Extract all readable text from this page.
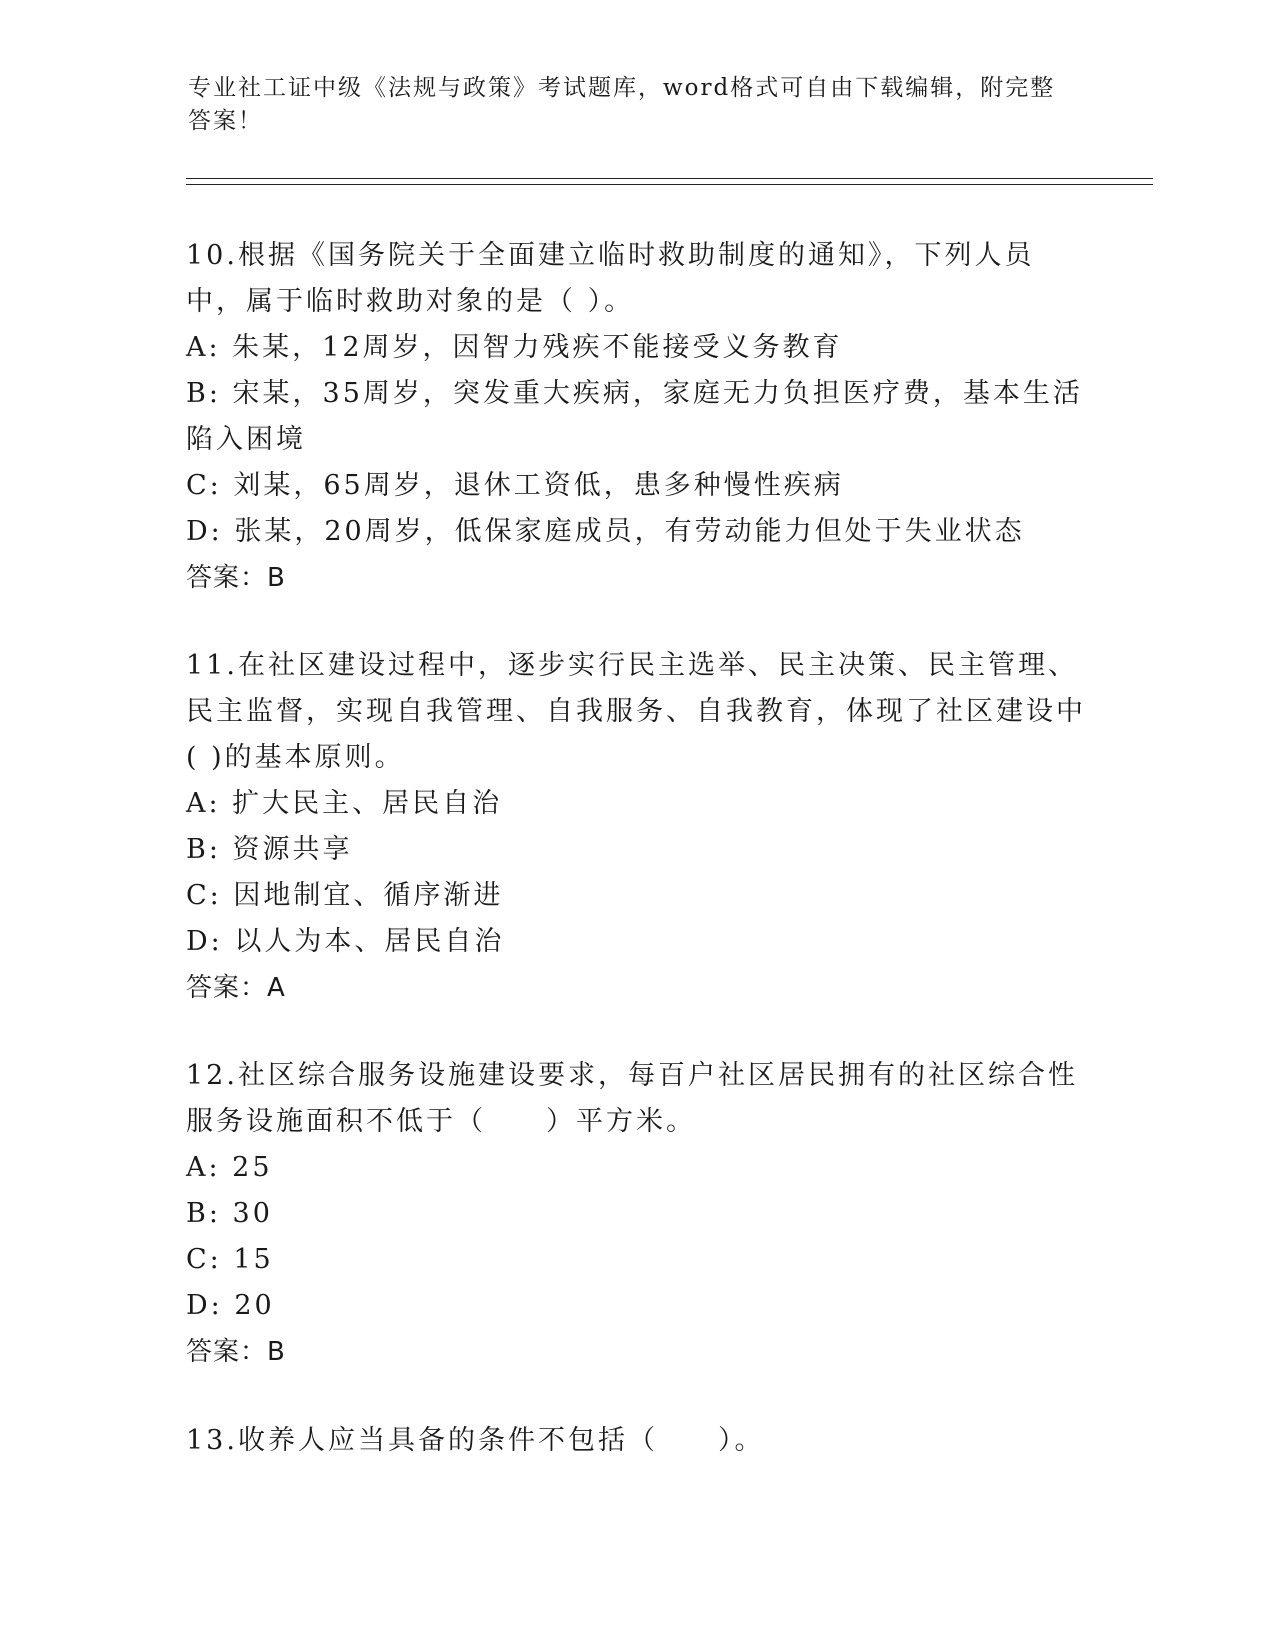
专业社工证中级《法规与政策》考试题库，word格式可自由下载编辑，附完整答案！

10.根据《国务院关于全面建立临时救助制度的通知》，下列人员中，属于临时救助对象的是（ ）。

A: 朱某，12周岁，因智力残疾不能接受义务教育

B: 宋某，35周岁，突发重大疾病，家庭无力负担医疗费，基本生活陷入困境

C: 刘某，65周岁，退休工资低，患多种慢性疾病

D: 张某，20周岁，低保家庭成员，有劳动能力但处于失业状态

答案：B

11.在社区建设过程中，逐步实行民主选举、民主决策、民主管理、民主监督，实现自我管理、自我服务、自我教育，体现了社区建设中( )的基本原则。

A: 扩大民主、居民自治

B: 资源共享

C: 因地制宜、循序渐进

D: 以人为本、居民自治

答案：A

12.社区综合服务设施建设要求，每百户社区居民拥有的社区综合性服务设施面积不低于（　　）平方米。

A: 25

B: 30

C: 15

D: 20

答案：B

13.收养人应当具备的条件不包括（　　）。
